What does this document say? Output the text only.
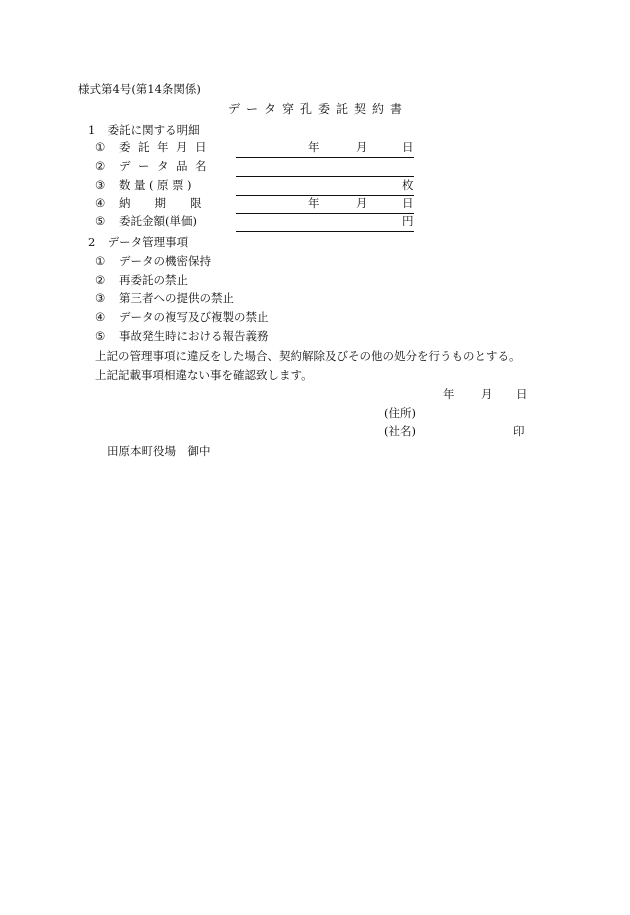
様式第4号(第14条関係)
データ穿孔委託契約書
1 委託に関する明細
① 委託年月日	年	月	日
② データ品名
③ 数量(原票)	枚
④ 納期限	年	月	日
⑤ 委託金額(単価)	円
2 データ管理事項
① データの機密保持
② 再委託の禁止
③ 第三者への提供の禁止
④ データの複写及び複製の禁止
⑤ 事故発生時における報告義務
上記の管理事項に違反をした場合、契約解除及びその他の処分を行うものとする。
上記記載事項相違ない事を確認致します。
年 月 日
(住所)
(社名)	印
田原本町役場　御中
